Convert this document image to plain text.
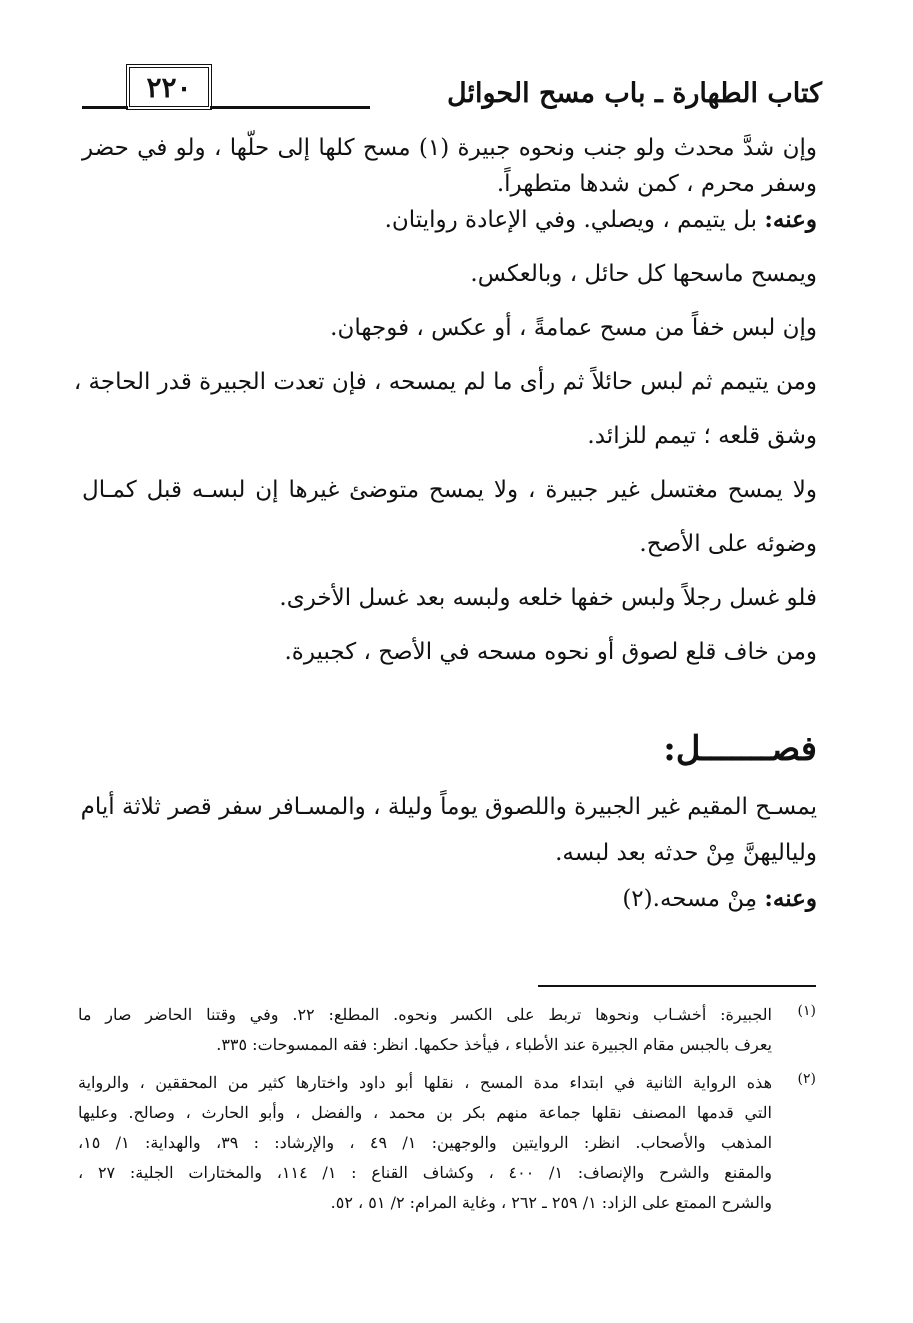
٢٢٠	كتاب الطهارة ـ باب مسح الحوائل
وإن شدَّ محدث ولو جنب ونحوه جبيرة (١) مسح كلها إلى حلّها ، ولو في حضر
وسفر محرم ، كمن شدها متطهراً.
وعنه: بل يتيمم ، ويصلي. وفي الإعادة روايتان.
ويمسح ماسحها كل حائل ، وبالعكس.
وإن لبس خفاً من مسح عمامةً ، أو عكس ، فوجهان.
ومن يتيمم ثم لبس حائلاً ثم رأى ما لم يمسحه ، فإن تعدت الجبيرة قدر الحاجة ،
وشق قلعه ؛ تيمم للزائد.
ولا يمسح مغتسل غير جبيرة ، ولا يمسح متوضئ غيرها إن لبسـه قبل كمـال
وضوئه على الأصح.
فلو غسل رجلاً ولبس خفها خلعه ولبسه بعد غسل الأخرى.
ومن خاف قلع لصوق أو نحوه مسحه في الأصح ، كجبيرة.
فصـــــــل:
يمسـح المقيم غير الجبيرة واللصوق يوماً وليلة ، والمسـافر سفر قصر ثلاثة أيام
ولياليهنَّ مِنْ حدثه بعد لبسه.
وعنه: مِنْ مسحه.(٢)
(١)
الجبيرة: أخشـاب ونحوها تربط على الكسر ونحوه. المطلع: ٢٢. وفي وقتنا الحاضر صار ما
يعرف بالجبس مقام الجبيرة عند الأطباء ، فيأخذ حكمها. انظر: فقه الممسوحات: ٣٣٥.
(٢)
هذه الرواية الثانية في ابتداء مدة المسح ، نقلها أبو داود واختارها كثير من المحققين ، والرواية
التي قدمها المصنف نقلها جماعة منهم بكر بن محمد ، والفضل ، وأبو الحارث ، وصالح. وعليها
المذهب والأصحاب. انظر: الروايتين والوجهين: ١/ ٤٩ ، والإرشاد: : ٣٩، والهداية: ١/ ١٥،
والمقنع والشرح والإنصاف: ١/ ٤٠٠ ، وكشاف القناع : ١/ ١١٤، والمختارات الجلية: ٢٧ ،
والشرح الممتع على الزاد: ١/ ٢٥٩ ـ ٢٦٢ ، وغاية المرام: ٢/ ٥١ ، ٥٢.
